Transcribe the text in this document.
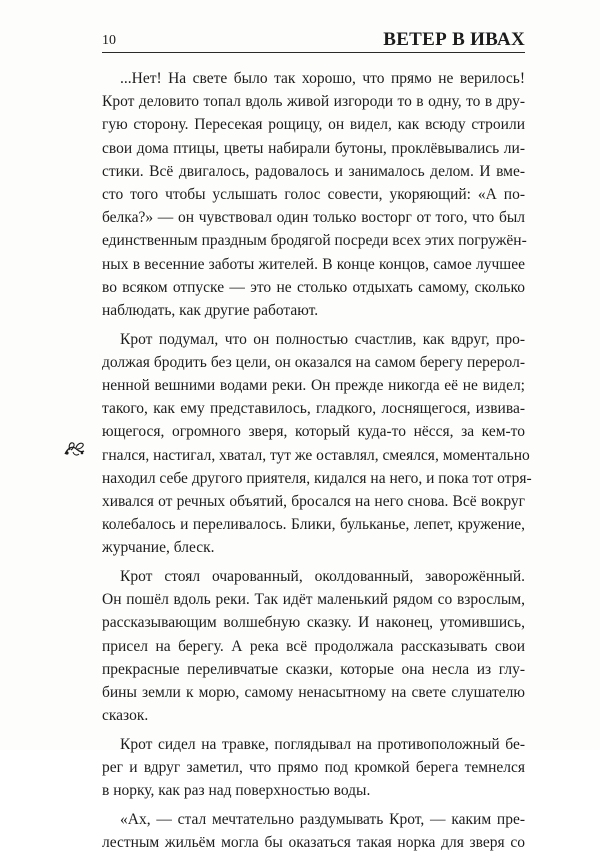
10	ВЕТЕР В ИВАХ

...Нет! На свете было так хорошо, что прямо не верилось!
Крот деловито топал вдоль живой изгороди то в одну, то в дру-
гую сторону. Пересекая рощицу, он видел, как всюду строили
свои дома птицы, цветы набирали бутоны, проклёвывались ли-
стики. Всё двигалось, радовалось и занималось делом. И вме-
сто того чтобы услышать голос совести, укоряющий: «А по-
белка?» — он чувствовал один только восторг от того, что был
единственным праздным бродягой посреди всех этих погружён-
ных в весенние заботы жителей. В конце концов, самое лучшее
во всяком отпуске — это не столько отдыхать самому, сколько
наблюдать, как другие работают.

Крот подумал, что он полностью счастлив, как вдруг, про-
должая бродить без цели, он оказался на самом берегу переpол-
ненной вешними водами реки. Он прежде никогда её не видел;
такого, как ему представилось, гладкого, лоснящегося, извива-
ющегося, огромного зверя, который куда-то нёсся, за кем-то
гнался, настигал, хватал, тут же оставлял, смеялся, моментально
находил себе другого приятеля, кидался на него, и пока тот отря-
хивался от речных объятий, бросался на него снова. Всё вокруг
колебалось и переливалось. Блики, бульканье, лепет, кружение,
журчание, блеск.

Крот стоял очарованный, околдованный, заворожённый.
Он пошёл вдоль реки. Так идёт маленький рядом со взрослым,
рассказывающим волшебную сказку. И наконец, утомившись,
присел на берегу. А река всё продолжала рассказывать свои
прекрасные переливчатые сказки, которые она несла из глу-
бины земли к морю, самому ненасытному на свете слушателю
сказок.

Крот сидел на травке, поглядывал на противоположный бе-
рег и вдруг заметил, что прямо под кромкой берега темнелся
в норку, как раз над поверхностью воды.

«Ах, — стал мечтательно раздумывать Крот, — каким пре-
лестным жильём могла бы оказаться такая норка для зверя со
